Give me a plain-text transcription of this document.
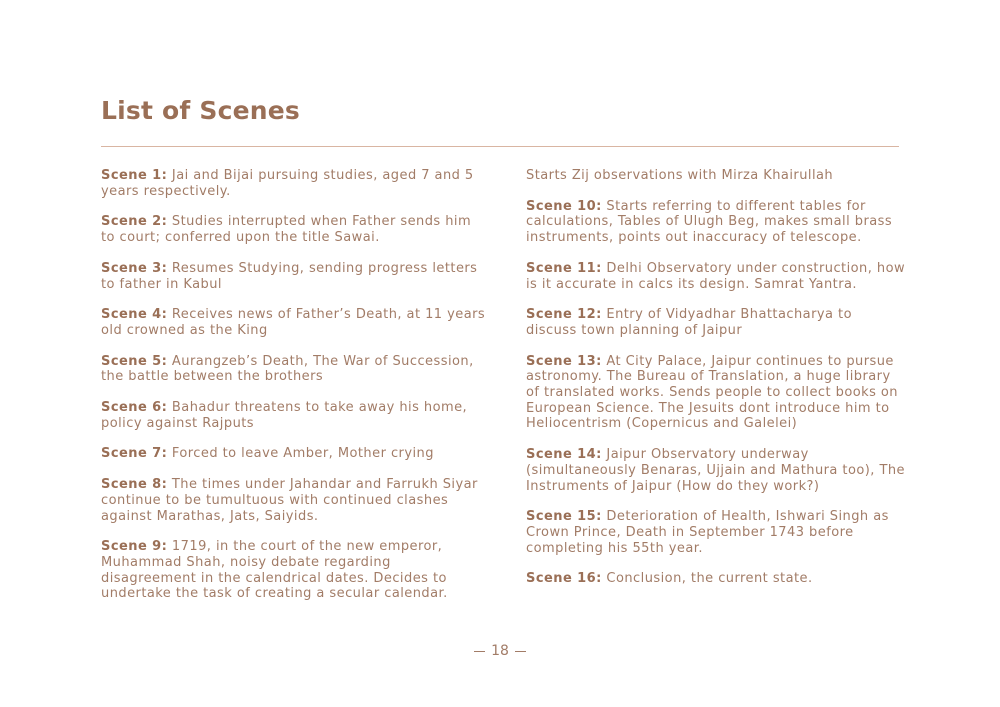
List of Scenes

Scene 1: Jai and Bijai pursuing studies, aged 7 and 5 years respectively.

Scene 2: Studies interrupted when Father sends him to court; conferred upon the title Sawai.

Scene 3: Resumes Studying, sending progress letters to father in Kabul

Scene 4: Receives news of Father’s Death, at 11 years old crowned as the King

Scene 5: Aurangzeb’s Death, The War of Succession, the battle between the brothers

Scene 6: Bahadur threatens to take away his home, policy against Rajputs

Scene 7: Forced to leave Amber, Mother crying

Scene 8: The times under Jahandar and Farrukh Siyar continue to be tumultuous with continued clashes against Marathas, Jats, Saiyids.

Scene 9: 1719, in the court of the new emperor, Muhammad Shah, noisy debate regarding disagreement in the calendrical dates. Decides to undertake the task of creating a secular calendar.

Starts Zij observations with Mirza Khairullah

Scene 10: Starts referring to different tables for calculations, Tables of Ulugh Beg, makes small brass instruments, points out inaccuracy of telescope.

Scene 11: Delhi Observatory under construction, how is it accurate in calcs its design. Samrat Yantra.

Scene 12: Entry of Vidyadhar Bhattacharya to discuss town planning of Jaipur

Scene 13: At City Palace, Jaipur continues to pursue astronomy. The Bureau of Translation, a huge library of translated works. Sends people to collect books on European Science. The Jesuits dont introduce him to Heliocentrism (Copernicus and Galelei)

Scene 14: Jaipur Observatory underway (simultaneously Benaras, Ujjain and Mathura too), The Instruments of Jaipur (How do they work?)

Scene 15: Deterioration of Health, Ishwari Singh as Crown Prince, Death in September 1743 before completing his 55th year.

Scene 16: Conclusion, the current state.

18
